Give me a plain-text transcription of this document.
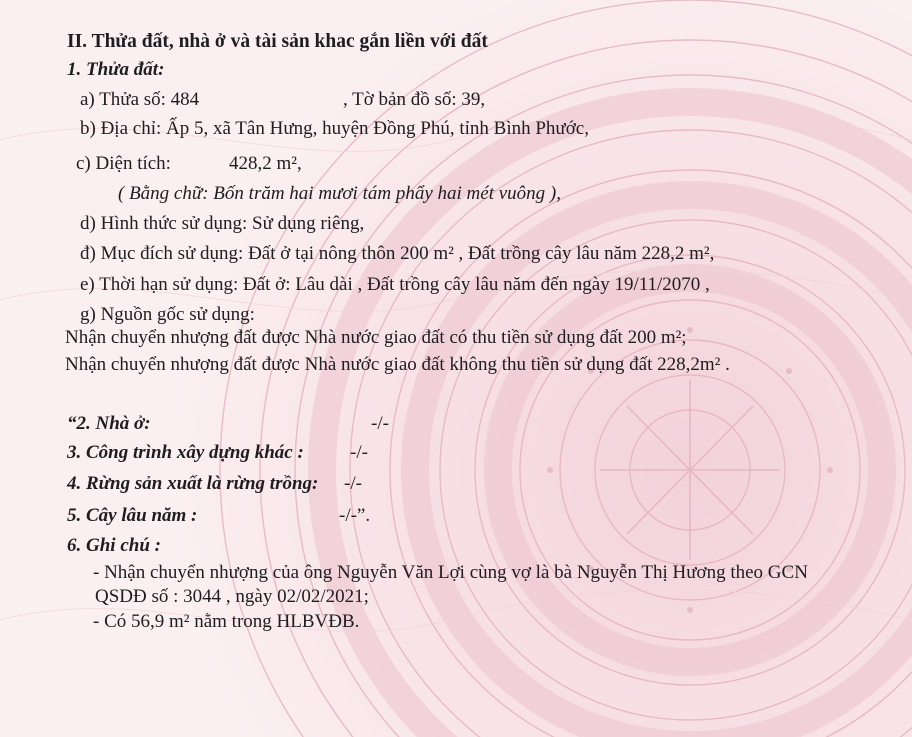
II. Thửa đất, nhà ở và tài sản khac gắn liền với đất
1. Thửa đất:
a) Thửa số: 484	, Tờ bản đồ số: 39,
b) Địa chỉ: Ấp 5, xã Tân Hưng, huyện Đồng Phú, tỉnh Bình Phước,
c) Diện tích:	428,2 m²,
( Bằng chữ: Bốn trăm hai mươi tám phẩy hai mét vuông ),
d) Hình thức sử dụng: Sử dụng riêng,
đ) Mục đích sử dụng: Đất ở tại nông thôn 200 m² , Đất trồng cây lâu năm 228,2 m²,
e) Thời hạn sử dụng: Đất ở: Lâu dài , Đất trồng cây lâu năm đến ngày 19/11/2070 ,
g) Nguồn gốc sử dụng:
Nhận chuyển nhượng đất được Nhà nước giao đất có thu tiền sử dụng đất 200 m²;
Nhận chuyển nhượng đất được Nhà nước giao đất không thu tiền sử dụng đất 228,2m² .
“2. Nhà ở:	-/-
3. Công trình xây dựng khác : -/-
4. Rừng sản xuất là rừng trồng: -/-
5. Cây lâu năm :	-/-”.
6. Ghi chú :
- Nhận chuyển nhượng của ông Nguyễn Văn Lợi cùng vợ là bà Nguyễn Thị Hương theo GCN
QSDĐ số : 3044 , ngày 02/02/2021;
- Có 56,9 m² nằm trong HLBVĐB.
